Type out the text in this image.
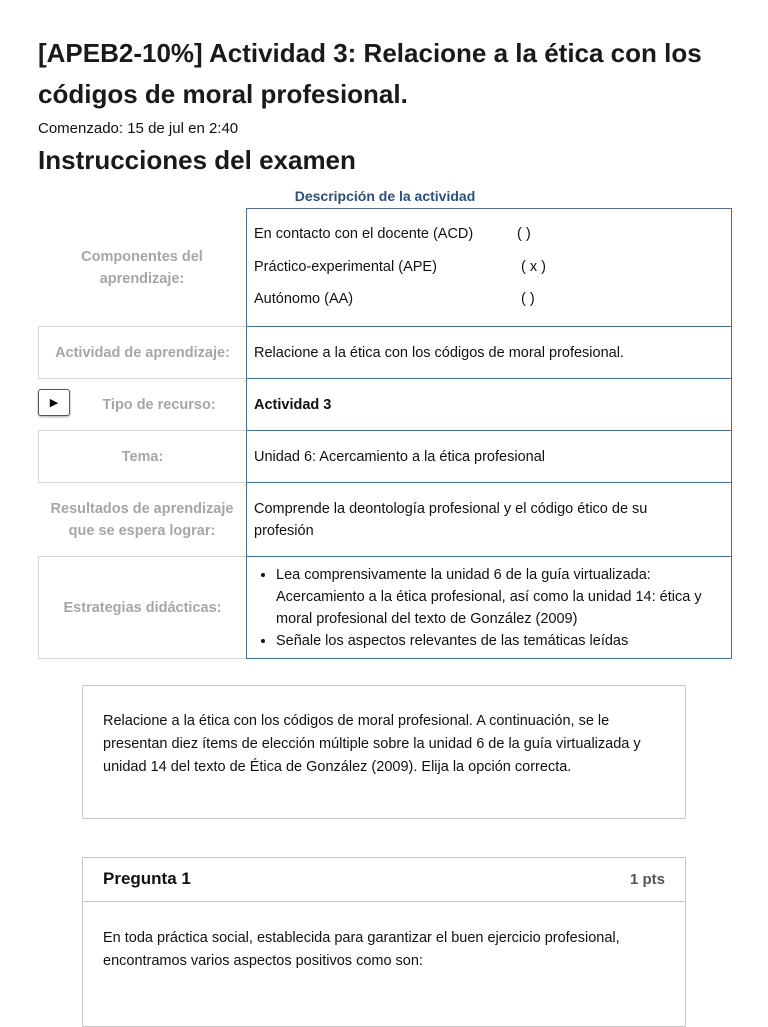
[APEB2-10%] Actividad 3: Relacione a la ética con los códigos de moral profesional.
Comenzado: 15 de jul en 2:40
Instrucciones del examen
Descripción de la actividad
Componentes del aprendizaje:
En contacto con el docente (ACD)	( )
Práctico-experimental (APE)	( x )
Autónomo (AA)	( )
Actividad de aprendizaje:	Relacione a la ética con los códigos de moral profesional.
Tipo de recurso:
▶	Actividad 3
Tema:	Unidad 6: Acercamiento a la ética profesional
Resultados de aprendizaje que se espera lograr:
Comprende la deontología profesional y el código ético de su profesión
Estrategias didácticas:
• Lea comprensivamente la unidad 6 de la guía virtualizada: Acercamiento a la ética profesional, así como la unidad 14: ética y moral profesional del texto de González (2009)
• Señale los aspectos relevantes de las temáticas leídas
Relacione a la ética con los códigos de moral profesional. A continuación, se le presentan diez ítems de elección múltiple sobre la unidad 6 de la guía virtualizada y unidad 14 del texto de Ética de González (2009). Elija la opción correcta.
Pregunta 1	1 pts
En toda práctica social, establecida para garantizar el buen ejercicio profesional, encontramos varios aspectos positivos como son:
